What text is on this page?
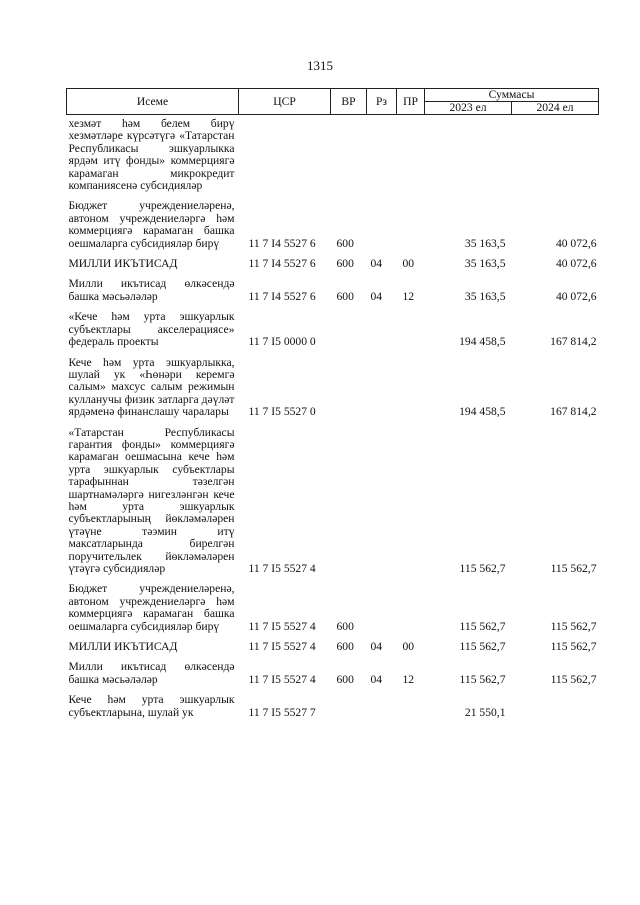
1315
Исеме	ЦСР	ВР	Рз	ПР	Суммасы	
					2023 ел	2024 ел
хезмәт һәм белем бирү хезмәтләре күрсәтүгә «Татарстан Республикасы эшкуарлыкка ярдәм итү фонды» коммерциягә карамаган микрокредит компаниясенә субсидияләр						
Бюджет учреждениеләренә, автоном учреждениеләргә һәм коммерциягә карамаган башка оешмаларга субсидияләр бирү	11 7 I4 5527 6	600			35 163,5	40 072,6
МИЛЛИ ИКЪТИСАД	11 7 I4 5527 6	600	04	00	35 163,5	40 072,6
Милли икътисад өлкәсендә башка мәсьәләләр	11 7 I4 5527 6	600	04	12	35 163,5	40 072,6
«Кече һәм урта эшкуарлык субъектлары акселерациясе» федераль проекты	11 7 I5 0000 0				194 458,5	167 814,2
Кече һәм урта эшкуарлыкка, шулай ук «Һөнәри керемгә салым» махсус салым режимын кулланучы физик затларга дәүләт ярдәменә финанслашу чаралары	11 7 I5 5527 0				194 458,5	167 814,2
«Татарстан Республикасы гарантия фонды» коммерциягә карамаган оешмасына кече һәм урта эшкуарлык субъектлары тарафыннан тәзелгән шартнамәләргә нигезләнгән кече һәм урта эшкуарлык субъектларының йөкләмәләрен үтәүне тәэмин итү максатларында бирелгән поручительлек йөкләмәләрен үтәүгә субсидияләр	11 7 I5 5527 4				115 562,7	115 562,7
Бюджет учреждениеләренә, автоном учреждениеләргә һәм коммерциягә карамаган башка оешмаларга субсидияләр бирү	11 7 I5 5527 4	600			115 562,7	115 562,7
МИЛЛИ ИКЪТИСАД	11 7 I5 5527 4	600	04	00	115 562,7	115 562,7
Милли икътисад өлкәсендә башка мәсьәләләр	11 7 I5 5527 4	600	04	12	115 562,7	115 562,7
Кече һәм урта эшкуарлык субъектларына, шулай ук	11 7 I5 5527 7				21 550,1	
